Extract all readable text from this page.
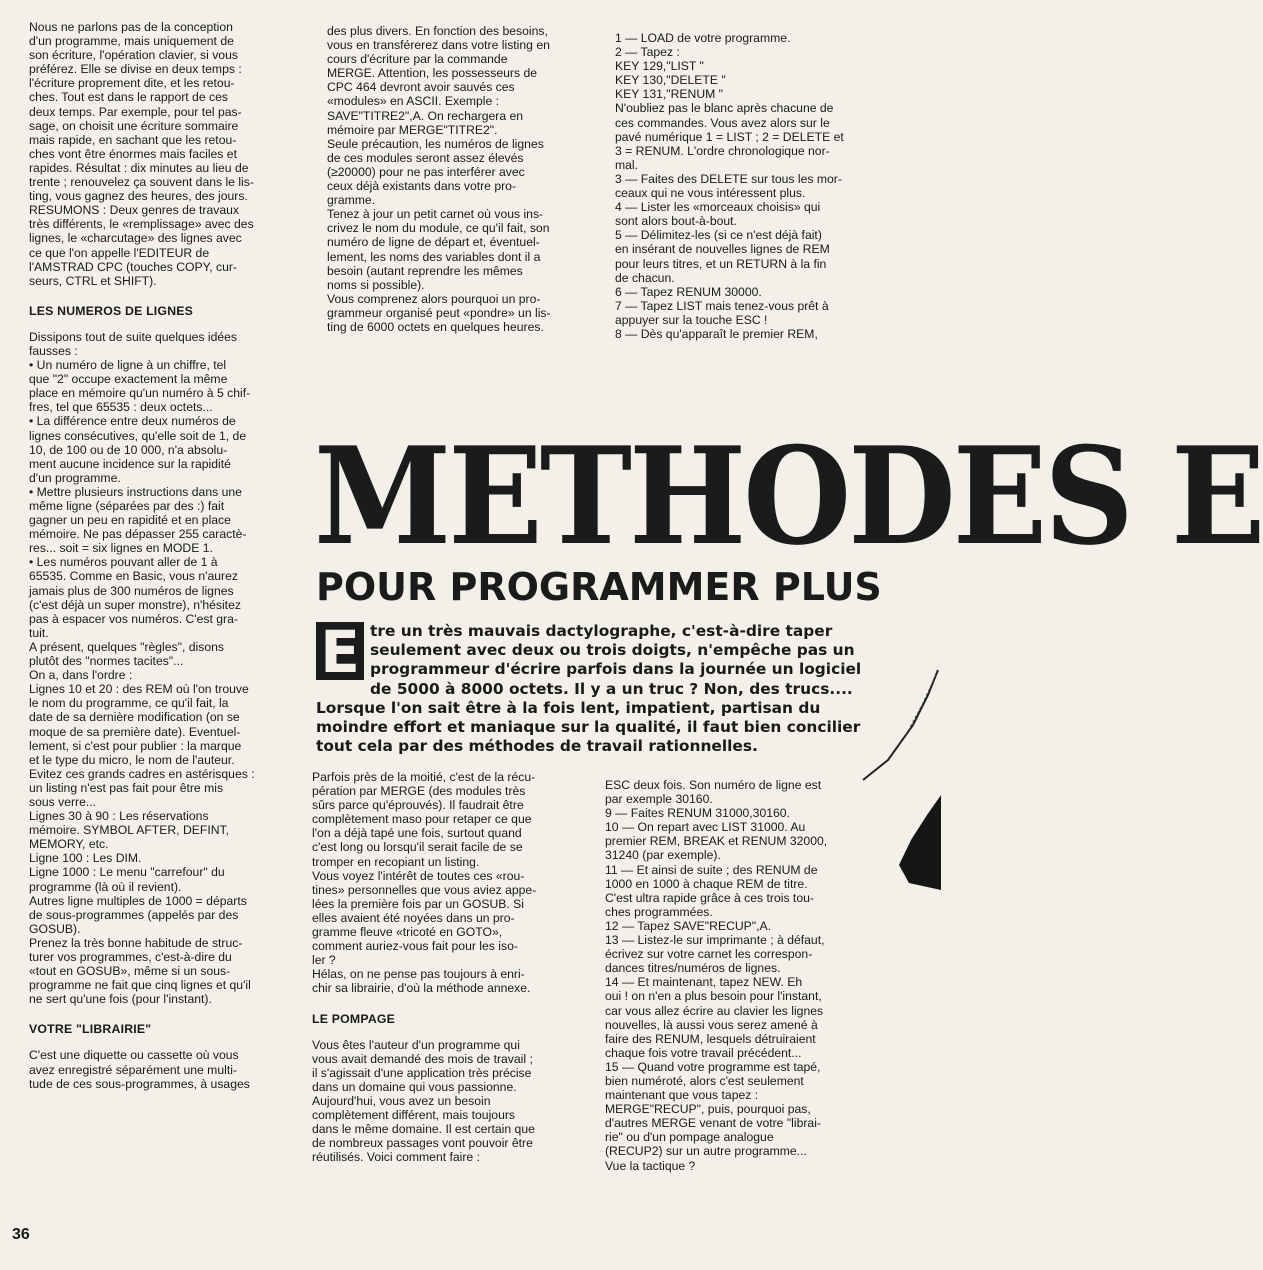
Nous ne parlons pas de la conception
d'un programme, mais uniquement de
son écriture, l'opération clavier, si vous
préférez. Elle se divise en deux temps :
l'écriture proprement dite, et les retou-
ches. Tout est dans le rapport de ces
deux temps. Par exemple, pour tel pas-
sage, on choisit une écriture sommaire
mais rapide, en sachant que les retou-
ches vont être énormes mais faciles et
rapides. Résultat : dix minutes au lieu de
trente ; renouvelez ça souvent dans le lis-
ting, vous gagnez des heures, des jours.
RESUMONS : Deux genres de travaux
très différents, le «remplissage» avec des
lignes, le «charcutage» des lignes avec
ce que l'on appelle l'EDITEUR de
l'AMSTRAD CPC (touches COPY, cur-
seurs, CTRL et SHIFT).

LES NUMEROS DE LIGNES

Dissipons tout de suite quelques idées
fausses :
• Un numéro de ligne à un chiffre, tel
que "2" occupe exactement la même
place en mémoire qu'un numéro à 5 chif-
fres, tel que 65535 : deux octets...
• La différence entre deux numéros de
lignes consécutives, qu'elle soit de 1, de
10, de 100 ou de 10 000, n'a absolu-
ment aucune incidence sur la rapidité
d'un programme.
• Mettre plusieurs instructions dans une
même ligne (séparées par des :) fait
gagner un peu en rapidité et en place
mémoire. Ne pas dépasser 255 caractè-
res... soit = six lignes en MODE 1.
• Les numéros pouvant aller de 1 à
65535. Comme en Basic, vous n'aurez
jamais plus de 300 numéros de lignes
(c'est déjà un super monstre), n'hésitez
pas à espacer vos numéros. C'est gra-
tuit.
A présent, quelques "règles", disons
plutôt des "normes tacites"...
On a, dans l'ordre :
Lignes 10 et 20 : des REM où l'on trouve
le nom du programme, ce qu'il fait, la
date de sa dernière modification (on se
moque de sa première date). Eventuel-
lement, si c'est pour publier : la marque
et le type du micro, le nom de l'auteur.
Evitez ces grands cadres en astérisques :
un listing n'est pas fait pour être mis
sous verre...
Lignes 30 à 90 : Les réservations
mémoire. SYMBOL AFTER, DEFINT,
MEMORY, etc.
Ligne 100 : Les DIM.
Ligne 1000 : Le menu "carrefour" du
programme (là où il revient).
Autres ligne multiples de 1000 = départs
de sous-programmes (appelés par des
GOSUB).
Prenez la très bonne habitude de struc-
turer vos programmes, c'est-à-dire du
«tout en GOSUB», même si un sous-
programme ne fait que cinq lignes et qu'il
ne sert qu'une fois (pour l'instant).

VOTRE "LIBRAIRIE"

C'est une diquette ou cassette où vous
avez enregistré séparément une multi-
tude de ces sous-programmes, à usages

des plus divers. En fonction des besoins,
vous en transférerez dans votre listing en
cours d'écriture par la commande
MERGE. Attention, les possesseurs de
CPC 464 devront avoir sauvés ces
«modules» en ASCII. Exemple :
SAVE"TITRE2",A. On rechargera en
mémoire par MERGE"TITRE2".
Seule précaution, les numéros de lignes
de ces modules seront assez élevés
(≥20000) pour ne pas interférer avec
ceux déjà existants dans votre pro-
gramme.
Tenez à jour un petit carnet où vous ins-
crivez le nom du module, ce qu'il fait, son
numéro de ligne de départ et, éventuel-
lement, les noms des variables dont il a
besoin (autant reprendre les mêmes
noms si possible).
Vous comprenez alors pourquoi un pro-
grammeur organisé peut «pondre» un lis-
ting de 6000 octets en quelques heures.

1 — LOAD de votre programme.
2 — Tapez :
KEY 129,"LIST "
KEY 130,"DELETE "
KEY 131,"RENUM "
N'oubliez pas le blanc après chacune de
ces commandes. Vous avez alors sur le
pavé numérique 1 = LIST ; 2 = DELETE et
3 = RENUM. L'ordre chronologique nor-
mal.
3 — Faites des DELETE sur tous les mor-
ceaux qui ne vous intéressent plus.
4 — Lister les «morceaux choisis» qui
sont alors bout-à-bout.
5 — Délimitez-les (si ce n'est déjà fait)
en insérant de nouvelles lignes de REM
pour leurs titres, et un RETURN à la fin
de chacun.
6 — Tapez RENUM 30000.
7 — Tapez LIST mais tenez-vous prêt à
appuyer sur la touche ESC !
8 — Dès qu'apparaît le premier REM,

METHODES E
POUR PROGRAMMER PLUS
E tre un très mauvais dactylographe, c'est-à-dire taper seulement avec deux ou trois doigts, n'empêche pas un programmeur d'écrire parfois dans la journée un logiciel de 5000 à 8000 octets. Il y a un truc ? Non, des trucs.... Lorsque l'on sait être à la fois lent, impatient, partisan du moindre effort et maniaque sur la qualité, il faut bien concilier tout cela par des méthodes de travail rationnelles.

Parfois près de la moitié, c'est de la récu-
pération par MERGE (des modules très
sûrs parce qu'éprouvés). Il faudrait être
complètement maso pour retaper ce que
l'on a déjà tapé une fois, surtout quand
c'est long ou lorsqu'il serait facile de se
tromper en recopiant un listing.
Vous voyez l'intérêt de toutes ces «rou-
tines» personnelles que vous aviez appe-
lées la première fois par un GOSUB. Si
elles avaient été noyées dans un pro-
gramme fleuve «tricoté en GOTO»,
comment auriez-vous fait pour les iso-
ler ?
Hélas, on ne pense pas toujours à enri-
chir sa librairie, d'où la méthode annexe.

LE POMPAGE

Vous êtes l'auteur d'un programme qui
vous avait demandé des mois de travail ;
il s'agissait d'une application très précise
dans un domaine qui vous passionne.
Aujourd'hui, vous avez un besoin
complètement différent, mais toujours
dans le même domaine. Il est certain que
de nombreux passages vont pouvoir être
réutilisés. Voici comment faire :

ESC deux fois. Son numéro de ligne est
par exemple 30160.
9 — Faites RENUM 31000,30160.
10 — On repart avec LIST 31000. Au
premier REM, BREAK et RENUM 32000,
31240 (par exemple).
11 — Et ainsi de suite ; des RENUM de
1000 en 1000 à chaque REM de titre.
C'est ultra rapide grâce à ces trois tou-
ches programmées.
12 — Tapez SAVE"RECUP",A.
13 — Listez-le sur imprimante ; à défaut,
écrivez sur votre carnet les correspon-
dances titres/numéros de lignes.
14 — Et maintenant, tapez NEW. Eh
oui ! on n'en a plus besoin pour l'instant,
car vous allez écrire au clavier les lignes
nouvelles, là aussi vous serez amené à
faire des RENUM, lesquels détruiraient
chaque fois votre travail précédent...
15 — Quand votre programme est tapé,
bien numéroté, alors c'est seulement
maintenant que vous tapez :
MERGE"RECUP", puis, pourquoi pas,
d'autres MERGE venant de votre "librai-
rie" ou d'un pompage analogue
(RECUP2) sur un autre programme...
Vue la tactique ?

36
